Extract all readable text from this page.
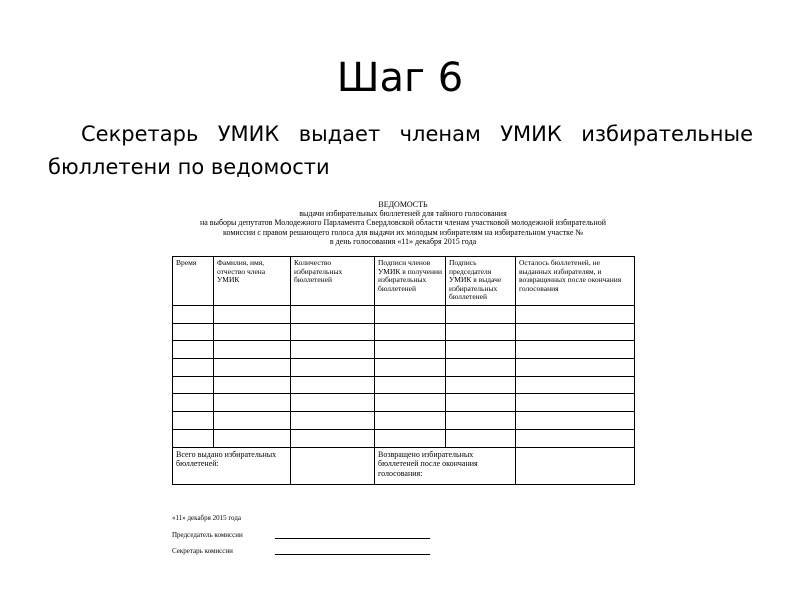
Шаг 6
Секретарь УМИК выдает членам УМИК избирательные бюллетени по ведомости
ВЕДОМОСТЬ
выдачи избирательных бюллетеней для тайного голосования
на выборы депутатов Молодежного Парламента Свердловской области членам участковой молодежной избирательной
комиссии с правом решающего голоса для выдачи их молодым избирателям на избирательном участке №
в день голосования «11» декабря 2015 года
Время	Фамилия, имя, отчество члена УМИК	Количество избирательных бюллетеней	Подписи членов УМИК в получении избирательных бюллетеней	Подпись председателя УМИК в выдаче избирательных бюллетеней	Осталось бюллетеней, не выданных избирателям, и возвращенных после окончания голосования

Всего выдано избирательных бюллетеней:			Возвращено избирательных бюллетеней после окончания голосования:		
«11» декабря 2015 года
Председатель комиссии
Секретарь комиссии
